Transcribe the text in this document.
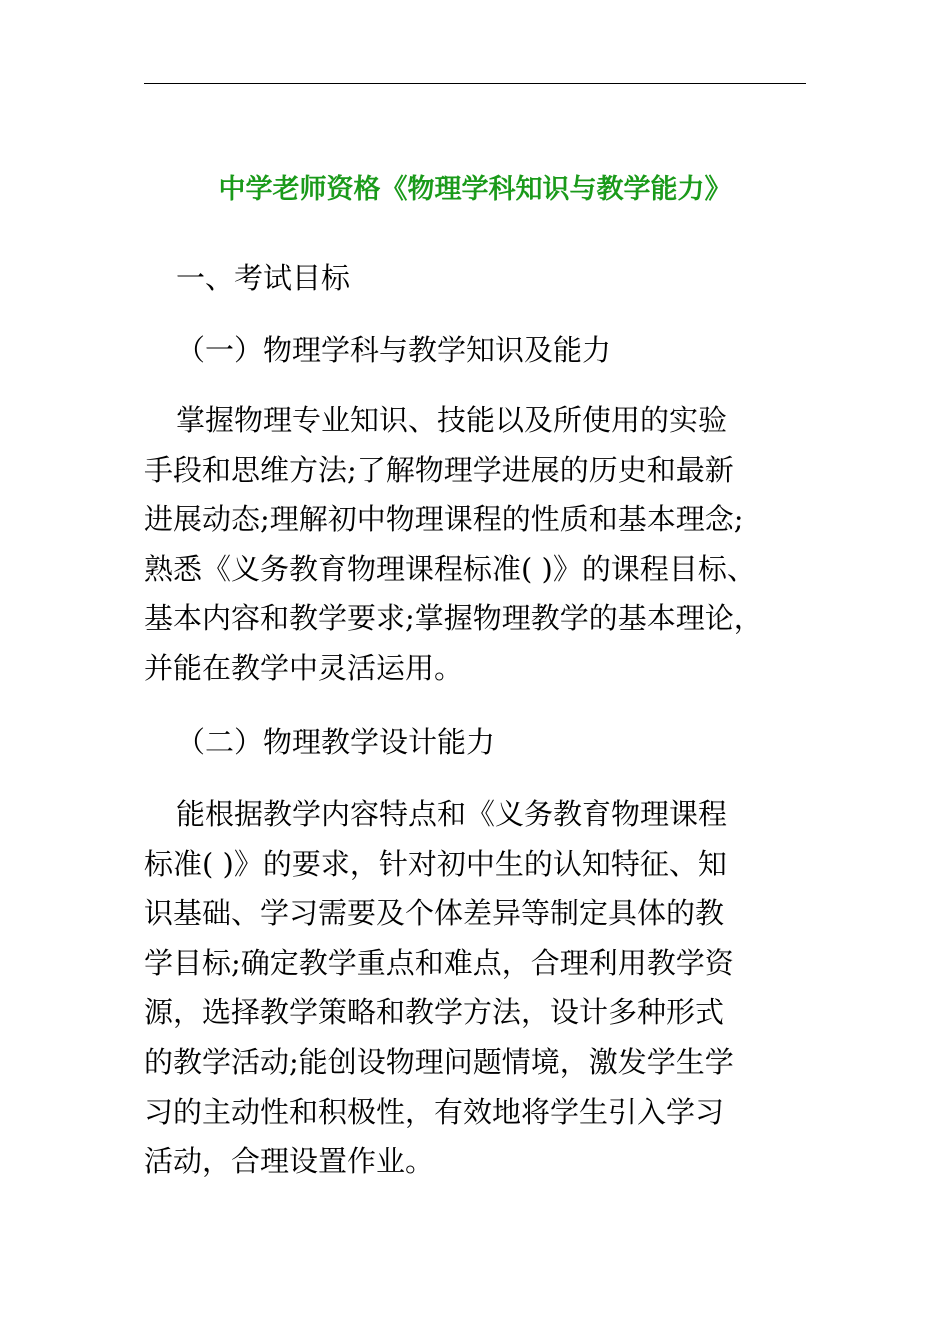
中学老师资格《物理学科知识与教学能力》
一、考试目标
（一）物理学科与教学知识及能力
掌握物理专业知识、技能以及所使用的实验
手段和思维方法;了解物理学进展的历史和最新
进展动态;理解初中物理课程的性质和基本理念;
熟悉《义务教育物理课程标准( )》的课程目标、
基本内容和教学要求;掌握物理教学的基本理论，
并能在教学中灵活运用。
（二）物理教学设计能力
能根据教学内容特点和《义务教育物理课程
标准( )》的要求，针对初中生的认知特征、知
识基础、学习需要及个体差异等制定具体的教
学目标;确定教学重点和难点，合理利用教学资
源，选择教学策略和教学方法，设计多种形式
的教学活动;能创设物理问题情境，激发学生学
习的主动性和积极性，有效地将学生引入学习
活动，合理设置作业。
